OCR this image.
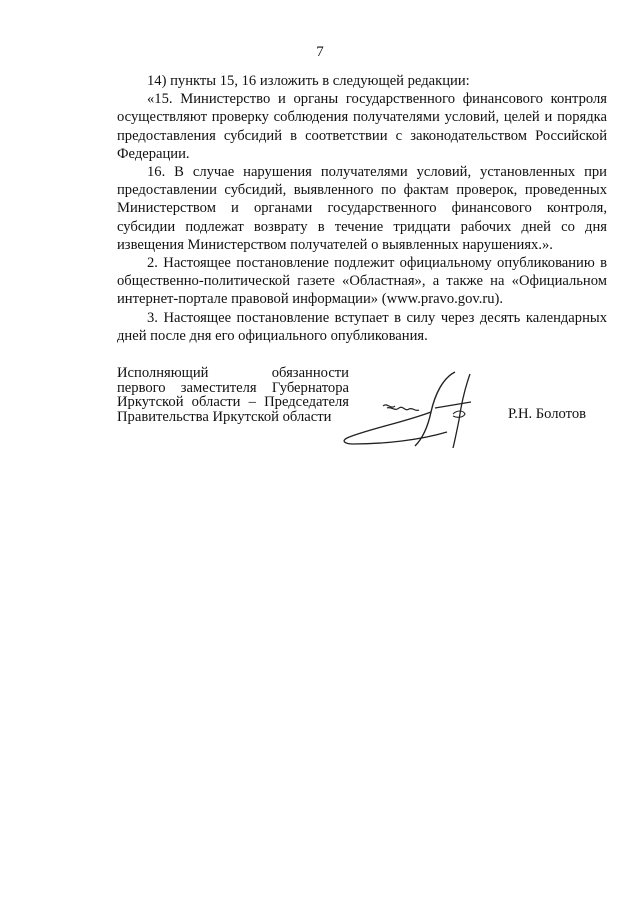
7

14) пункты 15, 16 изложить в следующей редакции:

«15. Министерство и органы государственного финансового контроля осуществляют проверку соблюдения получателями условий, целей и порядка предоставления субсидий в соответствии с законодательством Российской Федерации.

16. В случае нарушения получателями условий, установленных при предоставлении субсидий, выявленного по фактам проверок, проведенных Министерством и органами государственного финансового контроля, субсидии подлежат возврату в течение тридцати рабочих дней со дня извещения Министерством получателей о выявленных нарушениях.».

2. Настоящее постановление подлежит официальному опубликованию в общественно-политической газете «Областная», а также на «Официальном интернет-портале правовой информации» (www.pravo.gov.ru).

3. Настоящее постановление вступает в силу через десять календарных дней после дня его официального опубликования.

Исполняющий обязанности
первого заместителя Губернатора
Иркутской области – Председателя
Правительства Иркутской области	Р.Н. Болотов
